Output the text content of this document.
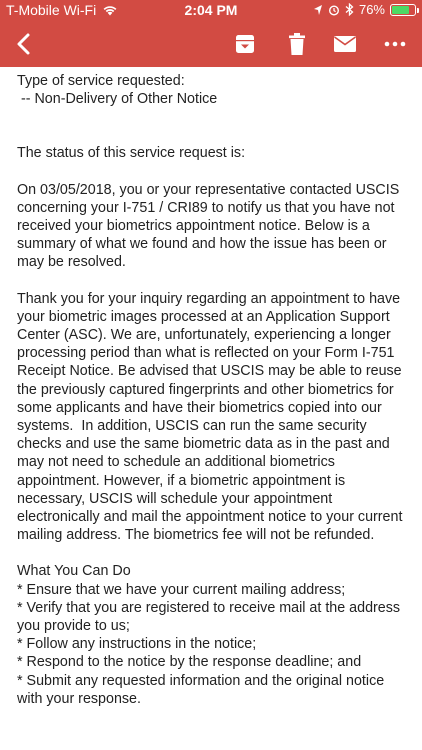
T-Mobile Wi-Fi	2:04 PM	76%

Type of service requested:

-- Non-Delivery of Other Notice

The status of this service request is:

On 03/05/2018, you or your representative contacted USCIS concerning your I-751 / CRI89 to notify us that you have not received your biometrics appointment notice. Below is a summary of what we found and how the issue has been or may be resolved.

Thank you for your inquiry regarding an appointment to have your biometric images processed at an Application Support Center (ASC). We are, unfortunately, experiencing a longer processing period than what is reflected on your Form I-751 Receipt Notice. Be advised that USCIS may be able to reuse the previously captured fingerprints and other biometrics for some applicants and have their biometrics copied into our systems.  In addition, USCIS can run the same security checks and use the same biometric data as in the past and may not need to schedule an additional biometrics appointment. However, if a biometric appointment is necessary, USCIS will schedule your appointment electronically and mail the appointment notice to your current mailing address. The biometrics fee will not be refunded.

What You Can Do

* Ensure that we have your current mailing address;

* Verify that you are registered to receive mail at the address you provide to us;

* Follow any instructions in the notice;

* Respond to the notice by the response deadline; and

* Submit any requested information and the original notice with your response.
